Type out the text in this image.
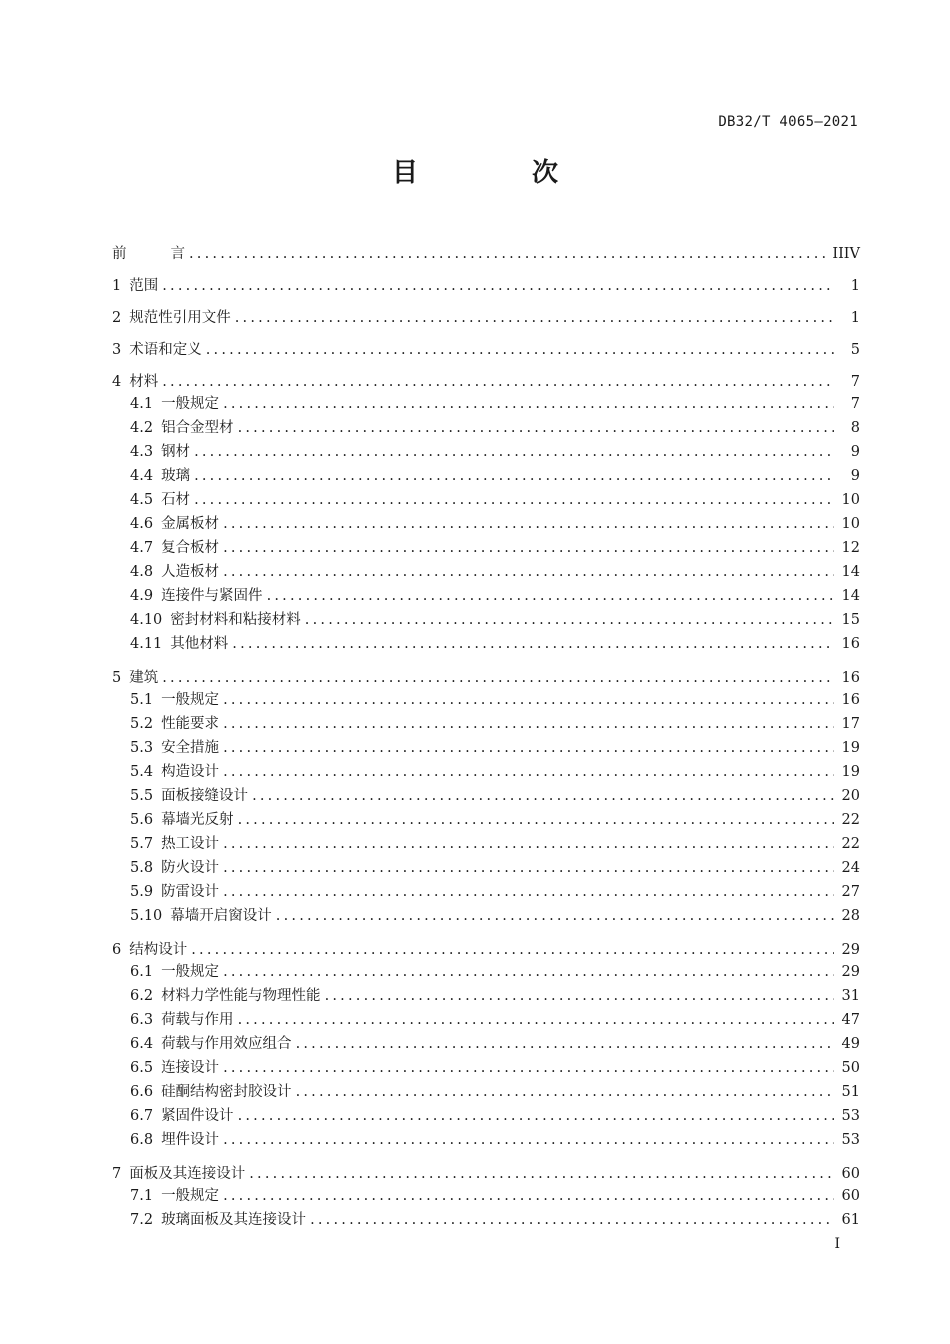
DB32/T 4065—2021
目　次
前	言 .....	IIIV
1 范围 .....	1
2 规范性引用文件 .....	1
3 术语和定义 .....	5
4 材料 .....	7
4.1 一般规定 .....	7
4.2 铝合金型材 .....	8
4.3 钢材 .....	9
4.4 玻璃 .....	9
4.5 石材 .....	10
4.6 金属板材 .....	10
4.7 复合板材 .....	12
4.8 人造板材 .....	14
4.9 连接件与紧固件 .....	14
4.10 密封材料和粘接材料 .....	15
4.11 其他材料 .....	16
5 建筑 .....	16
5.1 一般规定 .....	16
5.2 性能要求 .....	17
5.3 安全措施 .....	19
5.4 构造设计 .....	19
5.5 面板接缝设计 .....	20
5.6 幕墙光反射 .....	22
5.7 热工设计 .....	22
5.8 防火设计 .....	24
5.9 防雷设计 .....	27
5.10 幕墙开启窗设计 .....	28
6 结构设计 .....	29
6.1 一般规定 .....	29
6.2 材料力学性能与物理性能 .....	31
6.3 荷载与作用 .....	47
6.4 荷载与作用效应组合 .....	49
6.5 连接设计 .....	50
6.6 硅酮结构密封胶设计 .....	51
6.7 紧固件设计 .....	53
6.8 埋件设计 .....	53
7 面板及其连接设计 .....	60
7.1 一般规定 .....	60
7.2 玻璃面板及其连接设计 .....	61
I
